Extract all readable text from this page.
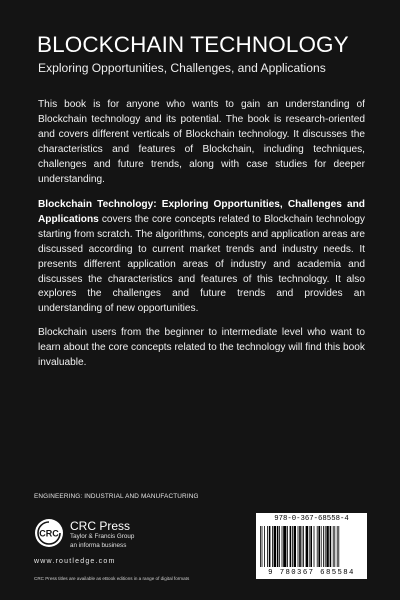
BLOCKCHAIN TECHNOLOGY
Exploring Opportunities, Challenges, and Applications

This book is for anyone who wants to gain an understanding of Blockchain technology and its potential. The book is research-oriented and covers different verticals of Blockchain technology. It discusses the characteristics and features of Blockchain, including techniques, challenges and future trends, along with case studies for deeper understanding.

Blockchain Technology: Exploring Opportunities, Challenges and Applications covers the core concepts related to Blockchain technology starting from scratch. The algorithms, concepts and application areas are discussed according to current market trends and industry needs. It presents different application areas of industry and academia and discusses the characteristics and features of this technology. It also explores the challenges and future trends and provides an understanding of new opportunities.

Blockchain users from the beginner to intermediate level who want to learn about the core concepts related to the technology will find this book invaluable.

ENGINEERING: INDUSTRIAL AND MANUFACTURING
CRC
CRC Press
Taylor & Francis Group
an informa business
www.routledge.com
CRC Press titles are available as eBook editions in a range of digital formats
978-0-367-68558-4
9 780367 685584
